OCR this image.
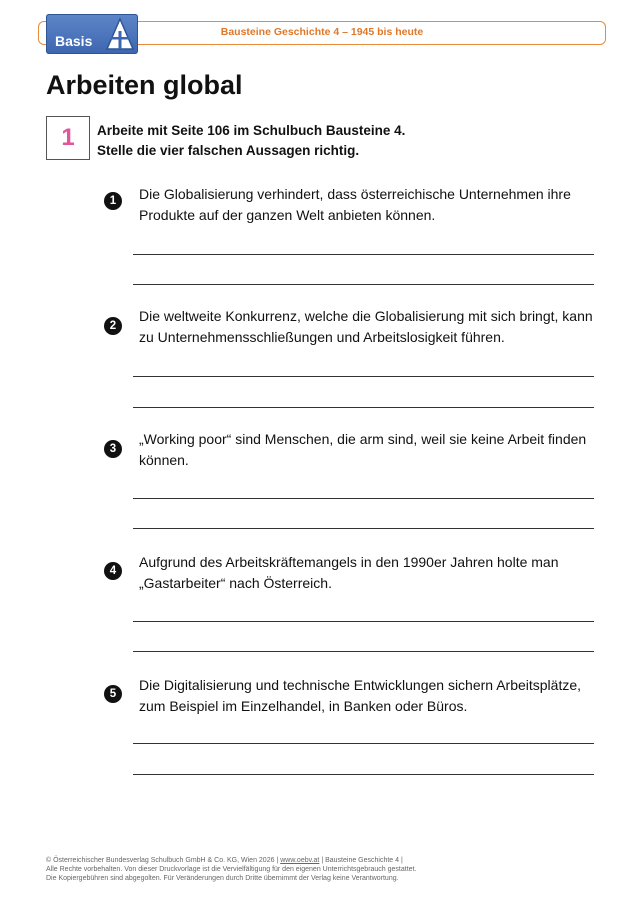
Bausteine Geschichte 4 – 1945 bis heute
Basis
Arbeiten global
1	Arbeite mit Seite 106 im Schulbuch Bausteine 4.
Stelle die vier falschen Aussagen richtig.
1	Die Globalisierung verhindert, dass österreichische Unternehmen ihre Produkte auf der ganzen Welt anbieten können.
2
Die weltweite Konkurrenz, welche die Globalisierung mit sich bringt, kann zu Unternehmensschließungen und Arbeitslosigkeit führen.
3
„Working poor“ sind Menschen, die arm sind, weil sie keine Arbeit finden können.
4
Aufgrund des Arbeitskräftemangels in den 1990er Jahren holte man „Gastarbeiter“ nach Österreich.
5
Die Digitalisierung und technische Entwicklungen sichern Arbeitsplätze, zum Beispiel im Einzelhandel, in Banken oder Büros.
© Österreichischer Bundesverlag Schulbuch GmbH & Co. KG, Wien 2026 | www.oebv.at | Bausteine Geschichte 4 |
Alle Rechte vorbehalten. Von dieser Druckvorlage ist die Vervielfältigung für den eigenen Unterrichtsgebrauch gestattet.
Die Kopiergebühren sind abgegolten. Für Veränderungen durch Dritte übernimmt der Verlag keine Verantwortung.
